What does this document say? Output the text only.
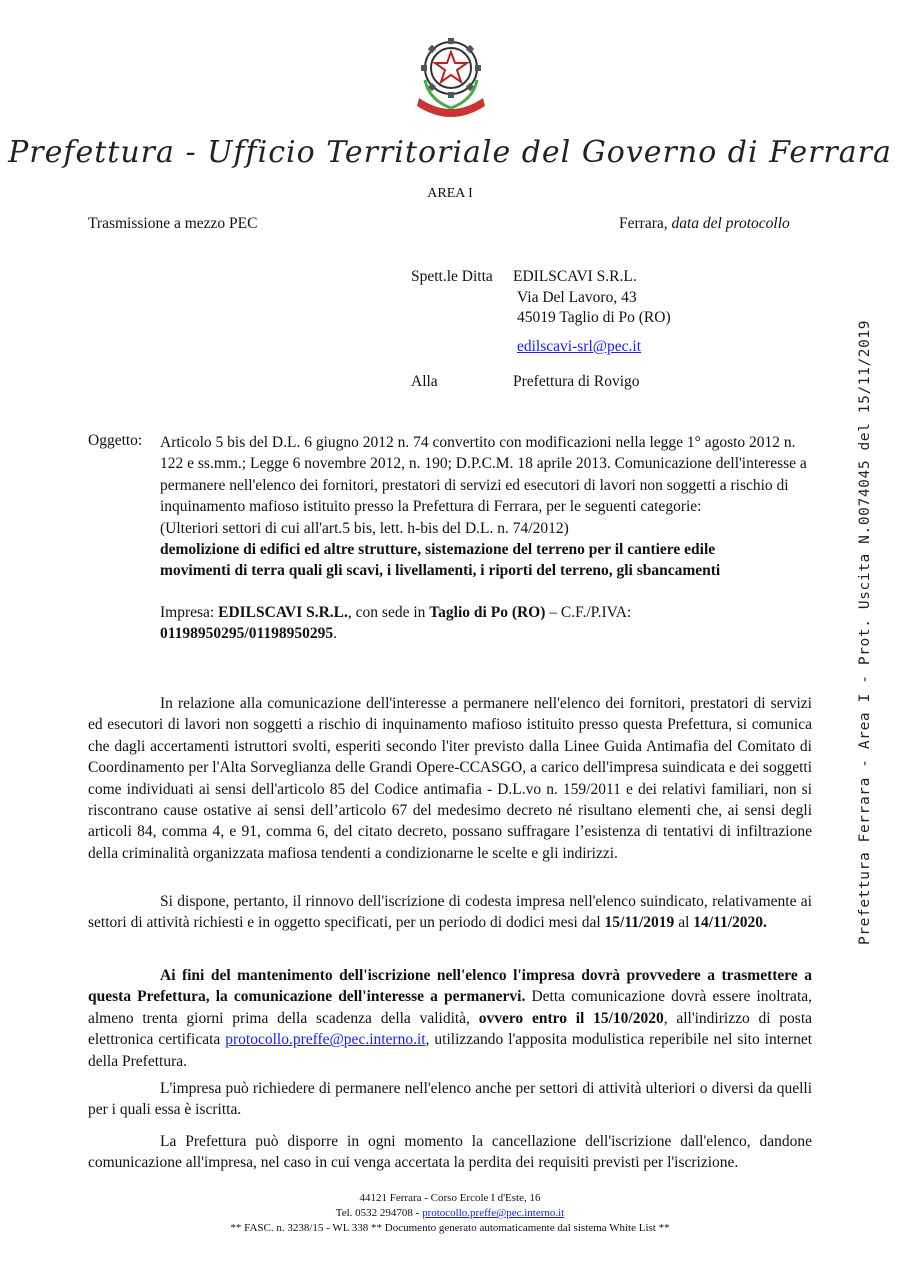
Prefettura - Ufficio Territoriale del Governo di Ferrara
AREA I
Trasmissione a mezzo PEC	Ferrara, data del protocollo
Spett.le Ditta EDILSCAVI S.R.L.
Via Del Lavoro, 43
45019 Taglio di Po (RO)
edilscavi-srl@pec.it
Alla	Prefettura di Rovigo
Oggetto: Articolo 5 bis del D.L. 6 giugno 2012 n. 74 convertito con modificazioni nella legge 1° agosto 2012 n. 122 e ss.mm.; Legge 6 novembre 2012, n. 190; D.P.C.M. 18 aprile 2013. Comunicazione dell'interesse a permanere nell'elenco dei fornitori, prestatori di servizi ed esecutori di lavori non soggetti a rischio di inquinamento mafioso istituito presso la Prefettura di Ferrara, per le seguenti categorie:

(Ulteriori settori di cui all'art.5 bis, lett. h-bis del D.L. n. 74/2012)

demolizione di edifici ed altre strutture, sistemazione del terreno per il cantiere edile

movimenti di terra quali gli scavi, i livellamenti, i riporti del terreno, gli sbancamenti

Impresa: EDILSCAVI S.R.L., con sede in Taglio di Po (RO) – C.F./P.IVA: 01198950295/01198950295.

In relazione alla comunicazione dell'interesse a permanere nell'elenco dei fornitori, prestatori di servizi ed esecutori di lavori non soggetti a rischio di inquinamento mafioso istituito presso questa Prefettura, si comunica che dagli accertamenti istruttori svolti, esperiti secondo l'iter previsto dalla Linee Guida Antimafia del Comitato di Coordinamento per l'Alta Sorveglianza delle Grandi Opere-CCASGO, a carico dell'impresa suindicata e dei soggetti come individuati ai sensi dell'articolo 85 del Codice antimafia - D.L.vo n. 159/2011 e dei relativi familiari, non si riscontrano cause ostative ai sensi dell’articolo 67 del medesimo decreto né risultano elementi che, ai sensi degli articoli 84, comma 4, e 91, comma 6, del citato decreto, possano suffragare l’esistenza di tentativi di infiltrazione della criminalità organizzata mafiosa tendenti a condizionarne le scelte e gli indirizzi.

Si dispone, pertanto, il rinnovo dell'iscrizione di codesta impresa nell'elenco suindicato, relativamente ai settori di attività richiesti e in oggetto specificati, per un periodo di dodici mesi dal 15/11/2019 al 14/11/2020.

Ai fini del mantenimento dell'iscrizione nell'elenco l'impresa dovrà provvedere a trasmettere a questa Prefettura, la comunicazione dell'interesse a permanervi. Detta comunicazione dovrà essere inoltrata, almeno trenta giorni prima della scadenza della validità, ovvero entro il 15/10/2020, all'indirizzo di posta elettronica certificata protocollo.preffe@pec.interno.it, utilizzando l'apposita modulistica reperibile nel sito internet della Prefettura.

L'impresa può richiedere di permanere nell'elenco anche per settori di attività ulteriori o diversi da quelli per i quali essa è iscritta.

La Prefettura può disporre in ogni momento la cancellazione dell'iscrizione dall'elenco, dandone comunicazione all'impresa, nel caso in cui venga accertata la perdita dei requisiti previsti per l'iscrizione.

44121 Ferrara - Corso Ercole I d'Este, 16
Tel. 0532 294708 - protocollo.preffe@pec.interno.it
** FASC. n. 3238/15 - WL 338 ** Documento generato automaticamente dal sistema White List **
Prefettura Ferrara - Area I - Prot. Uscita N.0074045 del 15/11/2019
